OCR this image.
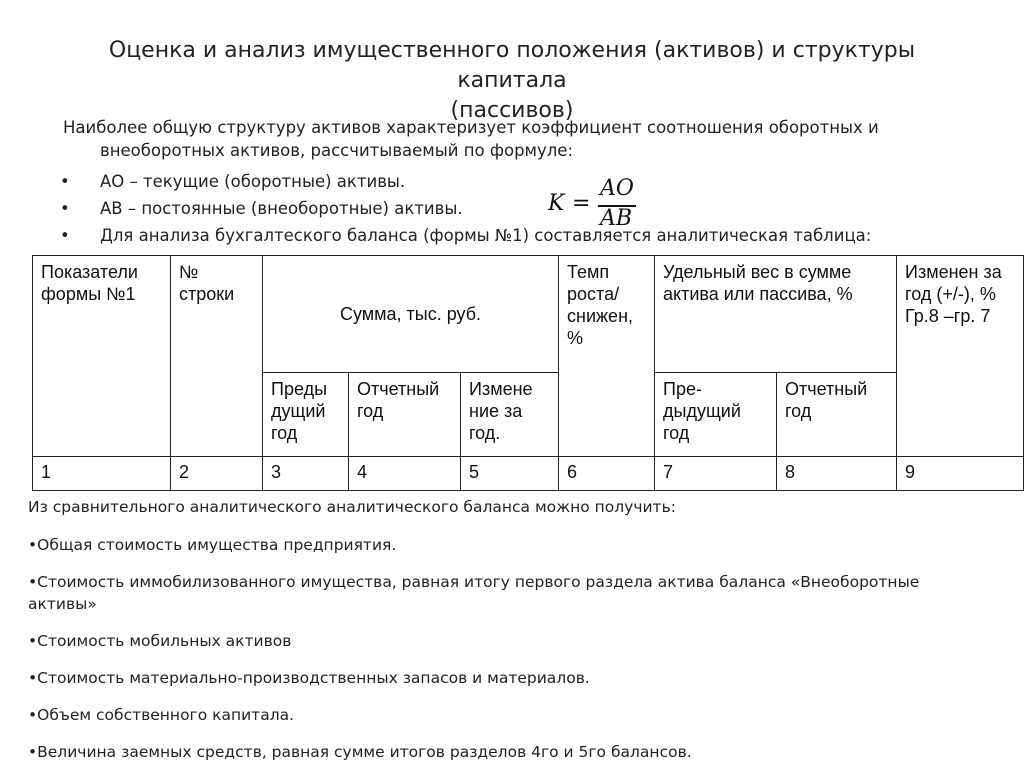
Оценка и анализ имущественного положения (активов) и структуры капитала
(пассивов)
Наиболее общую структуру активов характеризует коэффициент соотношения оборотных и внеоборотных активов, рассчитываемый по формуле:
• АО – текущие (оборотные) активы.
• АВ – постоянные (внеоборотные) активы.
• Для анализа бухгалтеского баланса (формы №1) составляется аналитическая таблица:
K =
AO
AB
Показатели формы №1	№ строки	Сумма, тыс. руб.			Темп роста/ снижен, %	Удельный вес в сумме актива или пассива, %		Изменен за год (+/-), % Гр.8 –гр. 7
		Преды дущий год	Отчетный год	Измене ние за год.		Пре- дыдущий год	Отчетный год	
1	2	3	4	5	6	7	8	9

Из сравнительного аналитического аналитического баланса можно получить:

•Общая стоимость имущества предприятия.

•Стоимость иммобилизованного имущества, равная итогу первого раздела актива баланса «Внеоборотные активы»

•Стоимость мобильных активов

•Стоимость материально-производственных запасов и материалов.

•Объем собственного капитала.

•Величина заемных средств, равная сумме итогов разделов 4го и 5го балансов.
